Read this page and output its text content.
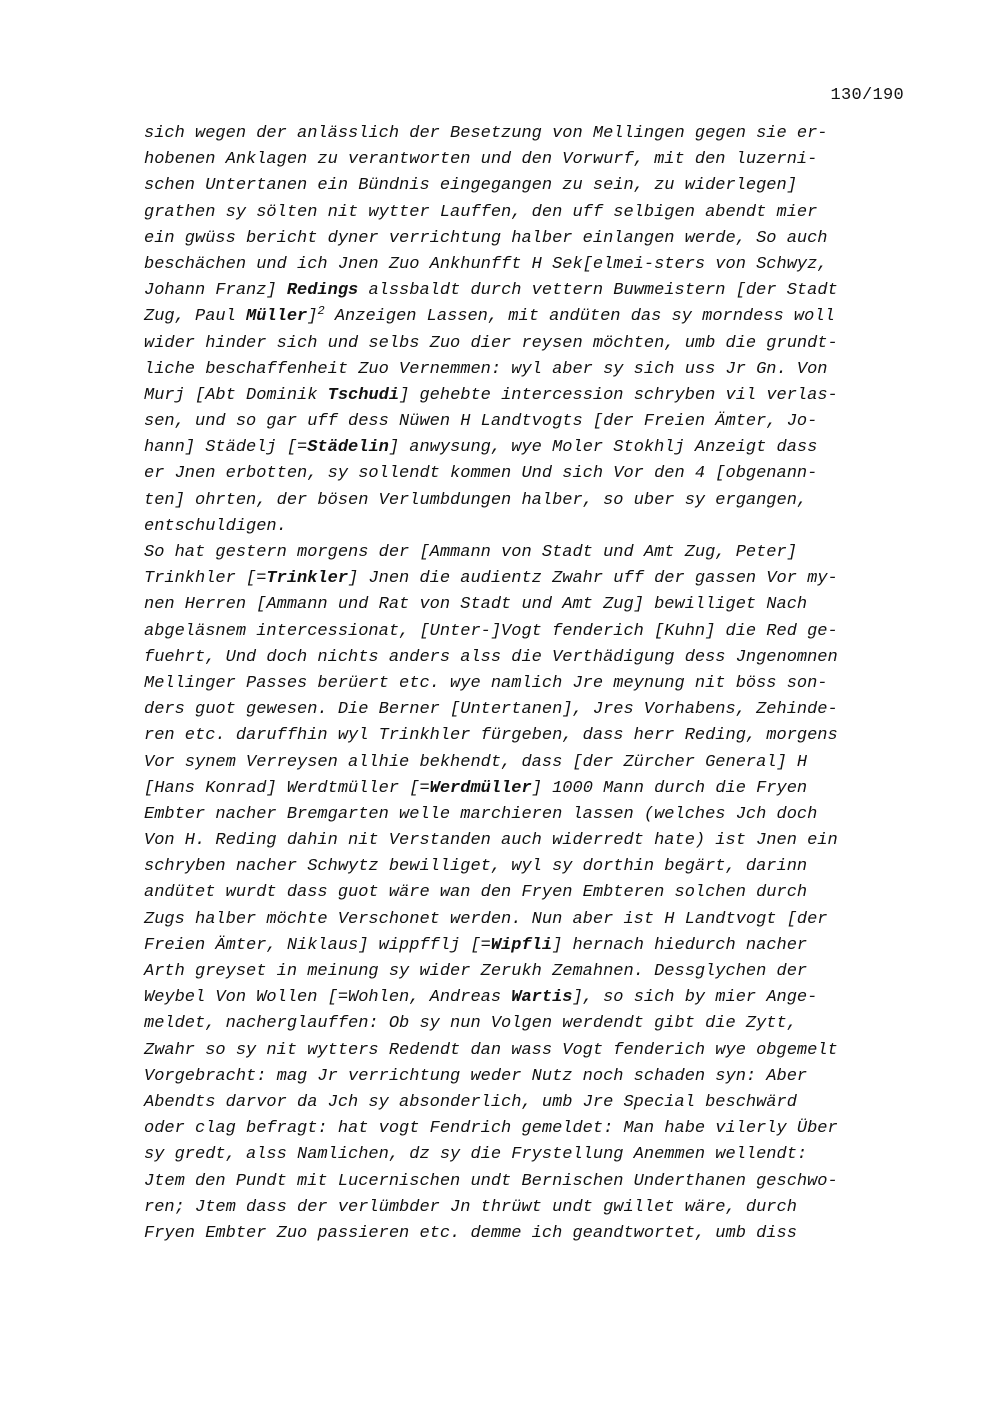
130/190
sich wegen der anlässlich der Besetzung von Mellingen gegen sie er-
hobenen Anklagen zu verantworten und den Vorwurf, mit den luzerni-
schen Untertanen ein Bündnis eingegangen zu sein, zu widerlegen]
grathen sy sölten nit wytter Lauffen, den uff selbigen abendt mier
ein gwüss bericht dyner verrichtung halber einlangen werde, So auch
beschächen und ich Jnen Zuo Ankhunfft H Sek[elmei-sters von Schwyz,
Johann Franz] Redings alssbaldt durch vettern Buwmeistern [der Stadt
Zug, Paul Müller]$^2$ Anzeigen Lassen, mit andüten das sy morndess woll
wider hinder sich und selbs Zuo dier reysen möchten, umb die grundt-
liche beschaffenheit Zuo Vernemmen: wyl aber sy sich uss Jr Gn. Von
Murj [Abt Dominik Tschudi] gehebte intercession schryben vil verlas-
sen, und so gar uff dess Nüwen H Landtvogts [der Freien Ämter, Jo-
hann] Städelj [=Städelin] anwysung, wye Moler Stokhlj Anzeigt dass
er Jnen erbotten, sy sollendt kommen Und sich Vor den 4 [obgenann-
ten] ohrten, der bösen Verlumbdungen halber, so uber sy ergangen,
entschuldigen.
So hat gestern morgens der [Ammann von Stadt und Amt Zug, Peter]
Trinkhler [=Trinkler] Jnen die audientz Zwahr uff der gassen Vor my-
nen Herren [Ammann und Rat von Stadt und Amt Zug] bewilliget Nach
abgeläsnem intercessionat, [Unter-]Vogt fenderich [Kuhn] die Red ge-
fuehrt, Und doch nichts anders alss die Verthädigung dess Jngenomnen
Mellinger Passes berüert etc. wye namlich Jre meynung nit böss son-
ders guot gewesen. Die Berner [Untertanen], Jres Vorhabens, Zehinde-
ren etc. daruffhin wyl Trinkhler fürgeben, dass herr Reding, morgens
Vor synem Verreysen allhie bekhendt, dass [der Zürcher General] H
[Hans Konrad] Werdtmüller [=Werdmüller] 1000 Mann durch die Fryen
Embter nacher Bremgarten welle marchieren lassen (welches Jch doch
Von H. Reding dahin nit Verstanden auch widerredt hate) ist Jnen ein
schryben nacher Schwytz bewilliget, wyl sy dorthin begärt, darinn
andütet wurdt dass guot wäre wan den Fryen Embteren solchen durch
Zugs halber möchte Verschonet werden. Nun aber ist H Landtvogt [der
Freien Ämter, Niklaus] wippfflj [=Wipfli] hernach hiedurch nacher
Arth greyset in meinung sy wider Zerukh Zemahnen. Dessglychen der
Weybel Von Wollen [=Wohlen, Andreas Wartis], so sich by mier Ange-
meldet, nacherglauffen: Ob sy nun Volgen werdendt gibt die Zytt,
Zwahr so sy nit wytters Redendt dan wass Vogt fenderich wye obgemelt
Vorgebracht: mag Jr verrichtung weder Nutz noch schaden syn: Aber
Abendts darvor da Jch sy absonderlich, umb Jre Special beschwärd
oder clag befragt: hat vogt Fendrich gemeldet: Man habe vilerly Über
sy gredt, alss Namlichen, dz sy die Frystellung Anemmen wellendt:
Jtem den Pundt mit Lucernischen undt Bernischen Underthanen geschwo-
ren; Jtem dass der verlümbder Jn thrüwt undt gwillet wäre, durch
Fryen Embter Zuo passieren etc. demme ich geandtwortet, umb diss
